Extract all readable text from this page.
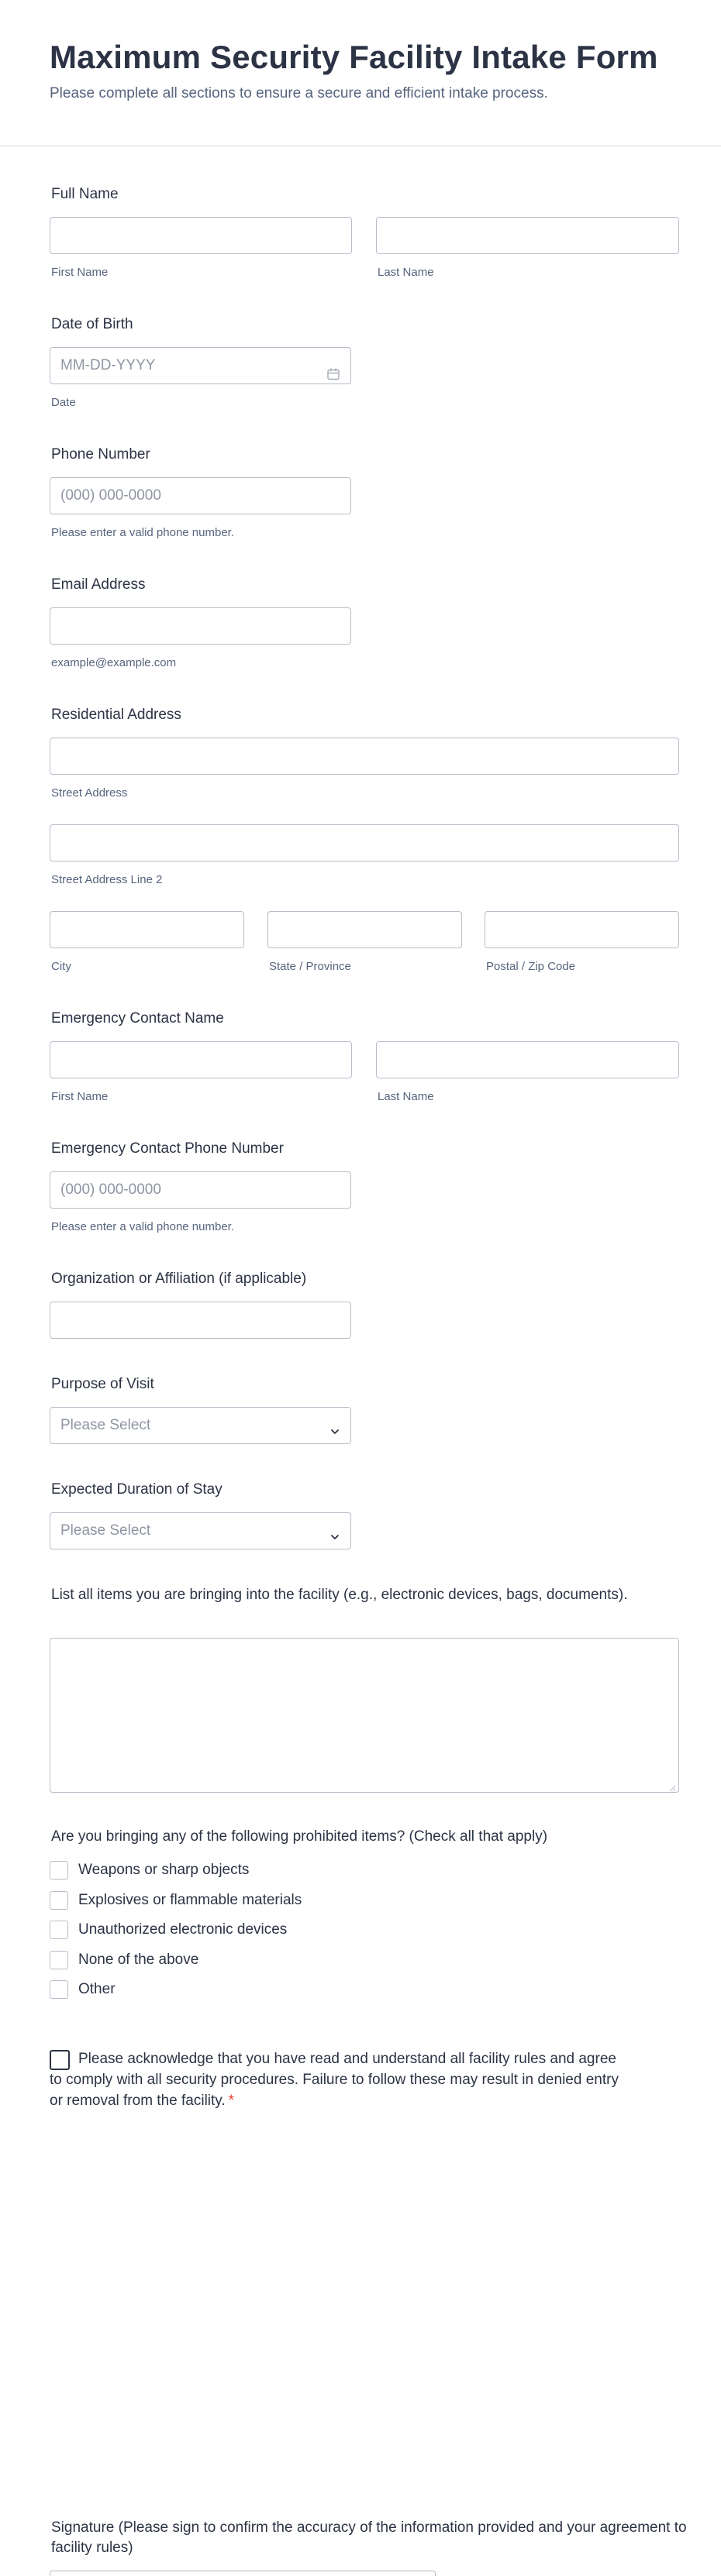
Maximum Security Facility Intake Form

Please complete all sections to ensure a secure and efficient intake process.

Full Name
First Name	Last Name
Date of Birth
MM-DD-YYYY
Date
Phone Number
(000) 000-0000
Please enter a valid phone number.
Email Address
example@example.com
Residential Address
Street Address
Street Address Line 2
City	State / Province	Postal / Zip Code
Emergency Contact Name
First Name	Last Name
Emergency Contact Phone Number
(000) 000-0000
Please enter a valid phone number.
Organization or Affiliation (if applicable)
Purpose of Visit
Please Select
Expected Duration of Stay
Please Select
List all items you are bringing into the facility (e.g., electronic devices, bags, documents).
Are you bringing any of the following prohibited items? (Check all that apply)
Weapons or sharp objects
Explosives or flammable materials
Unauthorized electronic devices
None of the above
Other
Please acknowledge that you have read and understand all facility rules and agree to comply with all security procedures. Failure to follow these may result in denied entry or removal from the facility. *
Signature (Please sign to confirm the accuracy of the information provided and your agreement to facility rules)
